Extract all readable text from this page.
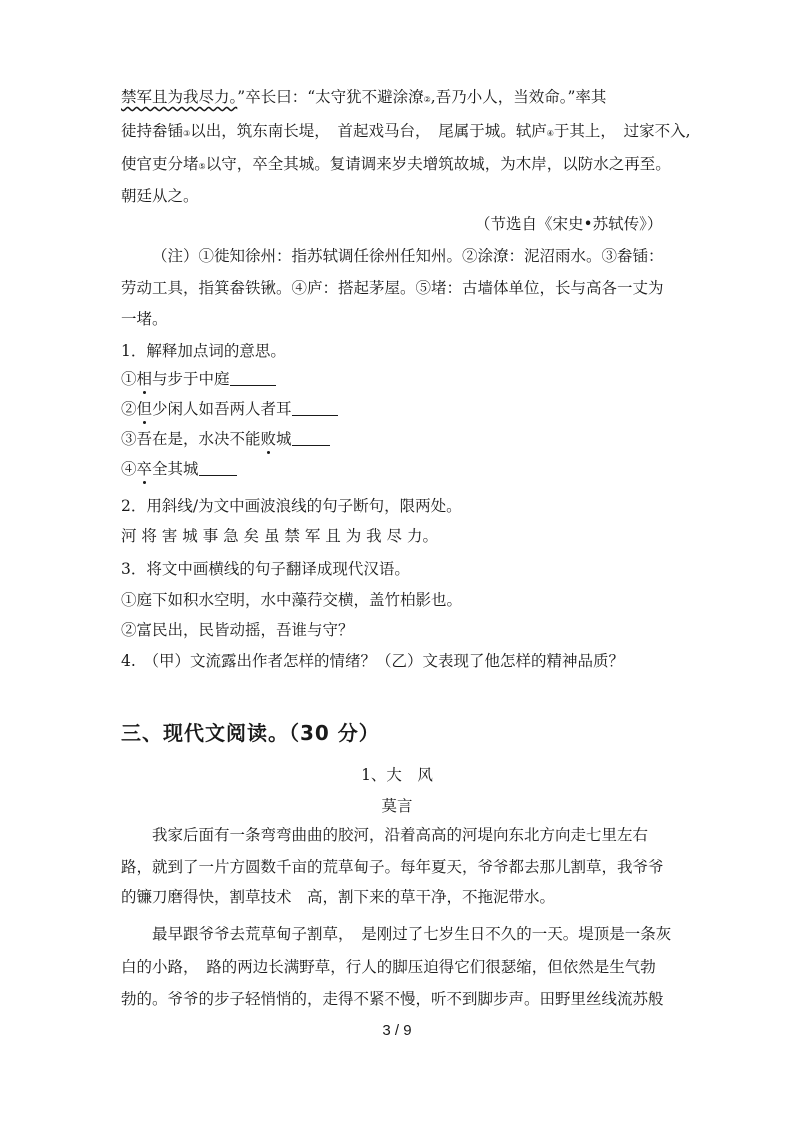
禁军且为我尽力。”卒长曰：“太守犹不避涂潦②,吾乃小人，当效命。”率其
徒持畚锸③以出，筑东南长堤，　首起戏马台，　尾属于城。轼庐④于其上，　过家不入,
使官吏分堵⑤以守，卒全其城。复请调来岁夫增筑故城，为木岸，以防水之再至。
朝廷从之。
（节选自《宋史•苏轼传》）
（注）①徙知徐州：指苏轼调任徐州任知州。②涂潦：泥沼雨水。③畚锸：
劳动工具，指箕畚铁锹。④庐：搭起茅屋。⑤堵：古墙体单位，长与高各一丈为
一堵。
1．解释加点词的意思。
①相与步于中庭
②但少闲人如吾两人者耳
③吾在是，水决不能败城
④卒全其城
2．用斜线/为文中画波浪线的句子断句，限两处。
河 将 害 城 事 急 矣 虽 禁 军 且 为 我 尽 力。
3．将文中画横线的句子翻译成现代汉语。
①庭下如积水空明，水中藻荇交横，盖竹柏影也。
②富民出，民皆动摇，吾谁与守？
4.　（甲）文流露出作者怎样的情绪？（乙）文表现了他怎样的精神品质？
三、现代文阅读。（30 分）
1、大　风
莫言
我家后面有一条弯弯曲曲的胶河，沿着高高的河堤向东北方向走七里左右
路，就到了一片方圆数千亩的荒草甸子。每年夏天，爷爷都去那儿割草，我爷爷
的镰刀磨得快，割草技术　高，割下来的草干净，不拖泥带水。
最早跟爷爷去荒草甸子割草，　是刚过了七岁生日不久的一天。堤顶是一条灰
白的小路，　路的两边长满野草，行人的脚压迫得它们很瑟缩，但依然是生气勃
勃的。爷爷的步子轻悄悄的，走得不紧不慢，听不到脚步声。田野里丝线流苏般
3 / 9
